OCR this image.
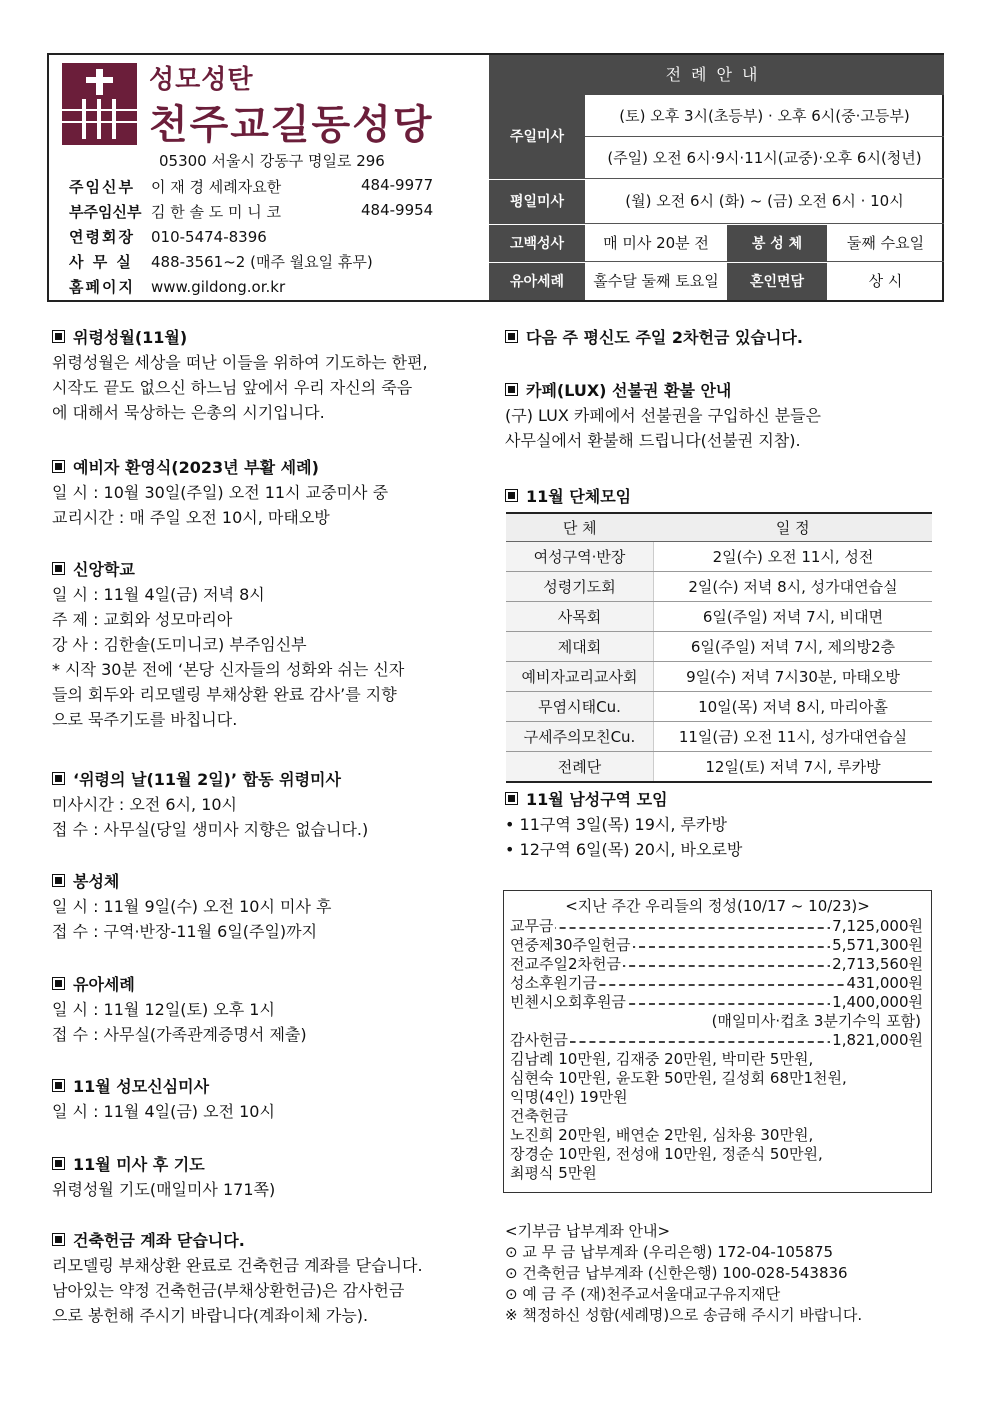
성모성탄
천주교길동성당
05300 서울시 강동구 명일로 296
주임신부 이 재 경 세례자요한	484-9977
부주임신부 김 한 솔 도 미 니 코	484-9954
연령회장 010-5474-8396
사 무 실 488-3561~2 (매주 월요일 휴무)
홈페이지 www.gildong.or.kr
전례안내
주일미사
(토) 오후 3시(초등부) · 오후 6시(중·고등부)
(주일) 오전 6시·9시·11시(교중)·오후 6시(청년)
평일미사	(월) 오전 6시 (화) ~ (금) 오전 6시 · 10시
고백성사	매 미사 20분 전	봉 성 체	둘째 수요일
유아세례	홀수달 둘째 토요일	혼인면담	상 시
위령성월(11월)
위령성월은 세상을 떠난 이들을 위하여 기도하는 한편,
시작도 끝도 없으신 하느님 앞에서 우리 자신의 죽음
에 대해서 묵상하는 은총의 시기입니다.
예비자 환영식(2023년 부활 세례)
일 시 : 10월 30일(주일) 오전 11시 교중미사 중
교리시간 : 매 주일 오전 10시, 마태오방
신앙학교
일 시 : 11월 4일(금) 저녁 8시
주 제 : 교회와 성모마리아
강 사 : 김한솔(도미니코) 부주임신부
* 시작 30분 전에 ‘본당 신자들의 성화와 쉬는 신자
들의 회두와 리모델링 부채상환 완료 감사’를 지향
으로 묵주기도를 바칩니다.
‘위령의 날(11월 2일)’ 합동 위령미사
미사시간 : 오전 6시, 10시
접 수 : 사무실(당일 생미사 지향은 없습니다.)
봉성체
일 시 : 11월 9일(수) 오전 10시 미사 후
접 수 : 구역·반장-11월 6일(주일)까지
유아세례
일 시 : 11월 12일(토) 오후 1시
접 수 : 사무실(가족관계증명서 제출)
11월 성모신심미사
일 시 : 11월 4일(금) 오전 10시
11월 미사 후 기도
위령성월 기도(매일미사 171쪽)
건축헌금 계좌 닫습니다.
리모델링 부채상환 완료로 건축헌금 계좌를 닫습니다.
남아있는 약정 건축헌금(부채상환헌금)은 감사헌금
으로 봉헌해 주시기 바랍니다(계좌이체 가능).
다음 주 평신도 주일 2차헌금 있습니다.
카페(LUX) 선불권 환불 안내
(구) LUX 카페에서 선불권을 구입하신 분들은
사무실에서 환불해 드립니다(선불권 지참).
11월 단체모임
단 체	일 정
여성구역·반장	2일(수) 오전 11시, 성전
성령기도회	2일(수) 저녁 8시, 성가대연습실
사목회	6일(주일) 저녁 7시, 비대면
제대회	6일(주일) 저녁 7시, 제의방2층
예비자교리교사회	9일(수) 저녁 7시30분, 마태오방
무염시태Cu.	10일(목) 저녁 8시, 마리아홀
구세주의모친Cu.	11일(금) 오전 11시, 성가대연습실
전례단	12일(토) 저녁 7시, 루카방
11월 남성구역 모임
• 11구역 3일(목) 19시, 루카방
• 12구역 6일(목) 20시, 바오로방
<지난 주간 우리들의 정성(10/17 ~ 10/23)>
교무금	7,125,000원
연중제30주일헌금	5,571,300원
전교주일2차헌금	2,713,560원
성소후원기금	431,000원
빈첸시오회후원금	1,400,000원
(매일미사·컵초 3분기수익 포함)
감사헌금	1,821,000원
김남례 10만원, 김재중 20만원, 박미란 5만원,
심현숙 10만원, 윤도환 50만원, 길성회 68만1천원,
익명(4인) 19만원
건축헌금
노진희 20만원, 배연순 2만원, 심차용 30만원,
장경순 10만원, 전성애 10만원, 정준식 50만원,
최평식 5만원
<기부금 납부계좌 안내>
⊙ 교 무 금 납부계좌 (우리은행) 172-04-105875
⊙ 건축헌금 납부계좌 (신한은행) 100-028-543836
⊙ 예 금 주 (재)천주교서울대교구유지재단
※ 책정하신 성함(세례명)으로 송금해 주시기 바랍니다.
